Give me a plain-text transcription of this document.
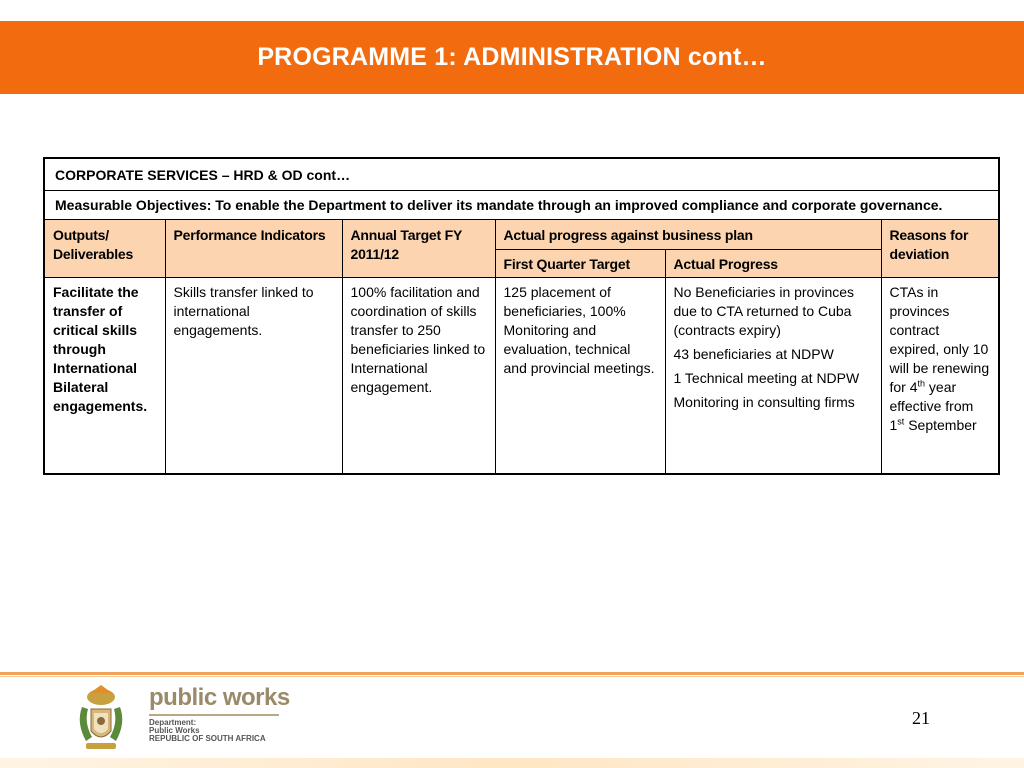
PROGRAMME 1: ADMINISTRATION cont…
CORPORATE SERVICES – HRD & OD cont…					
Measurable Objectives: To enable the Department to deliver its mandate through an improved compliance and corporate governance.					
Outputs/ Deliverables	Performance Indicators	Annual Target FY 2011/12	Actual progress against business plan		Reasons for deviation
			First Quarter Target	Actual Progress	
Facilitate the transfer of critical skills through International Bilateral engagements.	Skills transfer linked to international engagements.	100% facilitation and coordination of skills transfer to 250 beneficiaries linked to International engagement.	125 placement of beneficiaries, 100% Monitoring and evaluation, technical and provincial meetings.	No Beneficiaries in provinces due to CTA returned to Cuba (contracts expiry)
43 beneficiaries at NDPW
1 Technical meeting at NDPW
Monitoring in consulting firms	CTAs in provinces contract expired, only 10 will be renewing for 4th year effective from 1st September
public works
Department:
Public Works
REPUBLIC OF SOUTH AFRICA
21
